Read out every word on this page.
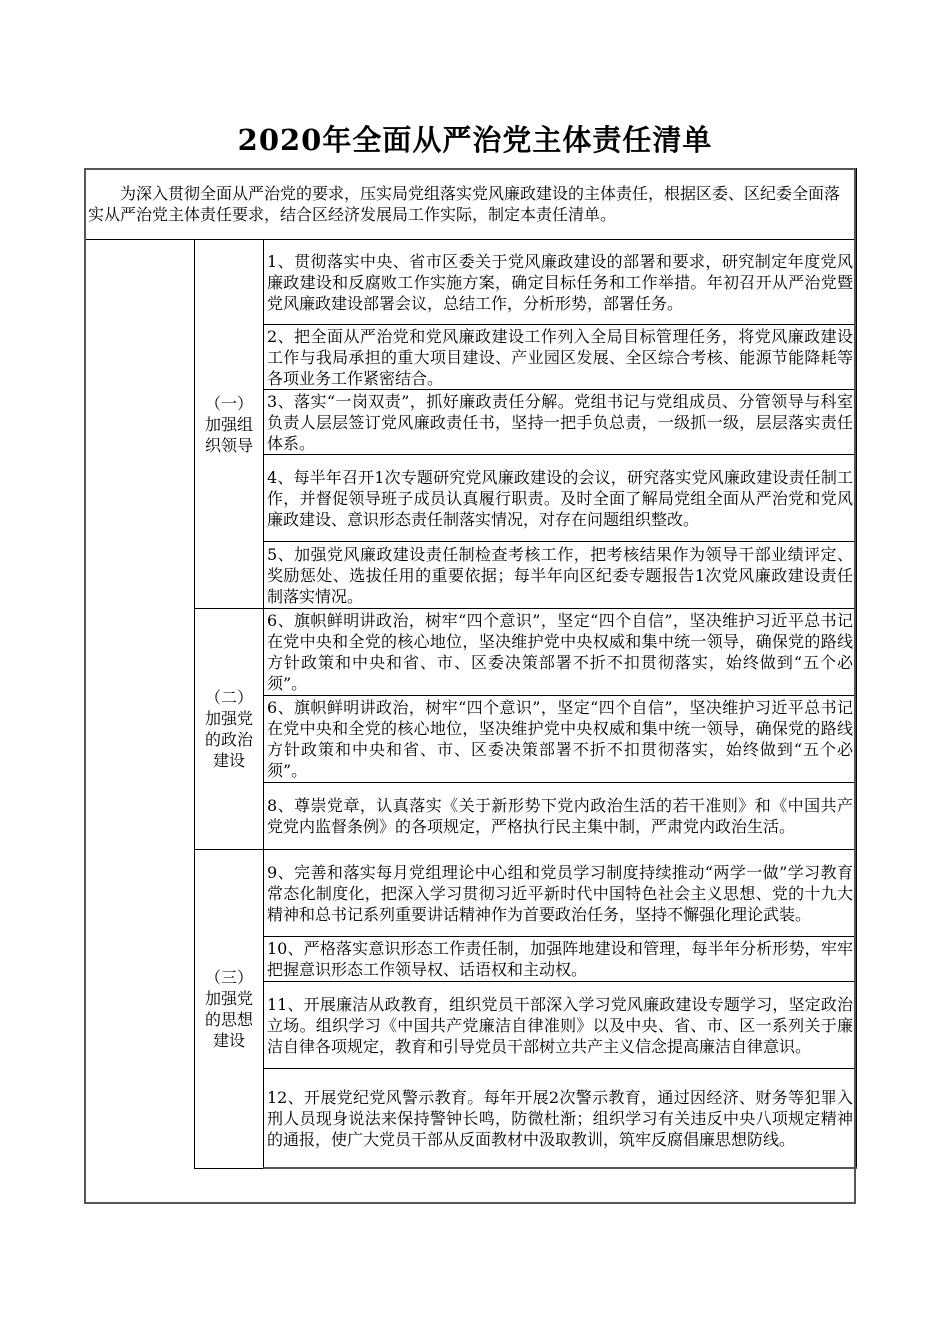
2020年全面从严治党主体责任清单
为深入贯彻全面从严治党的要求，压实局党组落实党风廉政建设的主体责任，根据区委、区纪委全面落实从严治党主体责任要求，结合区经济发展局工作实际，制定本责任清单。		
	（一）加强组织领导	1、贯彻落实中央、省市区委关于党风廉政建设的部署和要求，研究制定年度党风廉政建设和反腐败工作实施方案，确定目标任务和工作举措。年初召开从严治党暨党风廉政建设部署会议，总结工作，分析形势，部署任务。
		2、把全面从严治党和党风廉政建设工作列入全局目标管理任务，将党风廉政建设工作与我局承担的重大项目建设、产业园区发展、全区综合考核、能源节能降耗等各项业务工作紧密结合。
		3、落实“一岗双责”，抓好廉政责任分解。党组书记与党组成员、分管领导与科室负责人层层签订党风廉政责任书，坚持一把手负总责，一级抓一级，层层落实责任体系。
		4、每半年召开1次专题研究党风廉政建设的会议，研究落实党风廉政建设责任制工作，并督促领导班子成员认真履行职责。及时全面了解局党组全面从严治党和党风廉政建设、意识形态责任制落实情况，对存在问题组织整改。
		5、加强党风廉政建设责任制检查考核工作，把考核结果作为领导干部业绩评定、奖励惩处、选拔任用的重要依据；每半年向区纪委专题报告1次党风廉政建设责任制落实情况。
	（二）加强党的政治建设	6、旗帜鲜明讲政治，树牢“四个意识”，坚定“四个自信”，坚决维护习近平总书记在党中央和全党的核心地位，坚决维护党中央权威和集中统一领导，确保党的路线方针政策和中央和省、市、区委决策部署不折不扣贯彻落实，始终做到“五个必须”。
		6、旗帜鲜明讲政治，树牢“四个意识”，坚定“四个自信”，坚决维护习近平总书记在党中央和全党的核心地位，坚决维护党中央权威和集中统一领导，确保党的路线方针政策和中央和省、市、区委决策部署不折不扣贯彻落实，始终做到“五个必须”。
		8、尊崇党章，认真落实《关于新形势下党内政治生活的若干准则》和《中国共产党党内监督条例》的各项规定，严格执行民主集中制，严肃党内政治生活。
	（三）加强党的思想建设	9、完善和落实每月党组理论中心组和党员学习制度持续推动“两学一做”学习教育常态化制度化，把深入学习贯彻习近平新时代中国特色社会主义思想、党的十九大精神和总书记系列重要讲话精神作为首要政治任务，坚持不懈强化理论武装。
		10、严格落实意识形态工作责任制，加强阵地建设和管理，每半年分析形势，牢牢把握意识形态工作领导权、话语权和主动权。
		11、开展廉洁从政教育，组织党员干部深入学习党风廉政建设专题学习，坚定政治立场。组织学习《中国共产党廉洁自律准则》以及中央、省、市、区一系列关于廉洁自律各项规定，教育和引导党员干部树立共产主义信念提高廉洁自律意识。
		12、开展党纪党风警示教育。每年开展2次警示教育，通过因经济、财务等犯罪入刑人员现身说法来保持警钟长鸣，防微杜渐；组织学习有关违反中央八项规定精神的通报，使广大党员干部从反面教材中汲取教训，筑牢反腐倡廉思想防线。
